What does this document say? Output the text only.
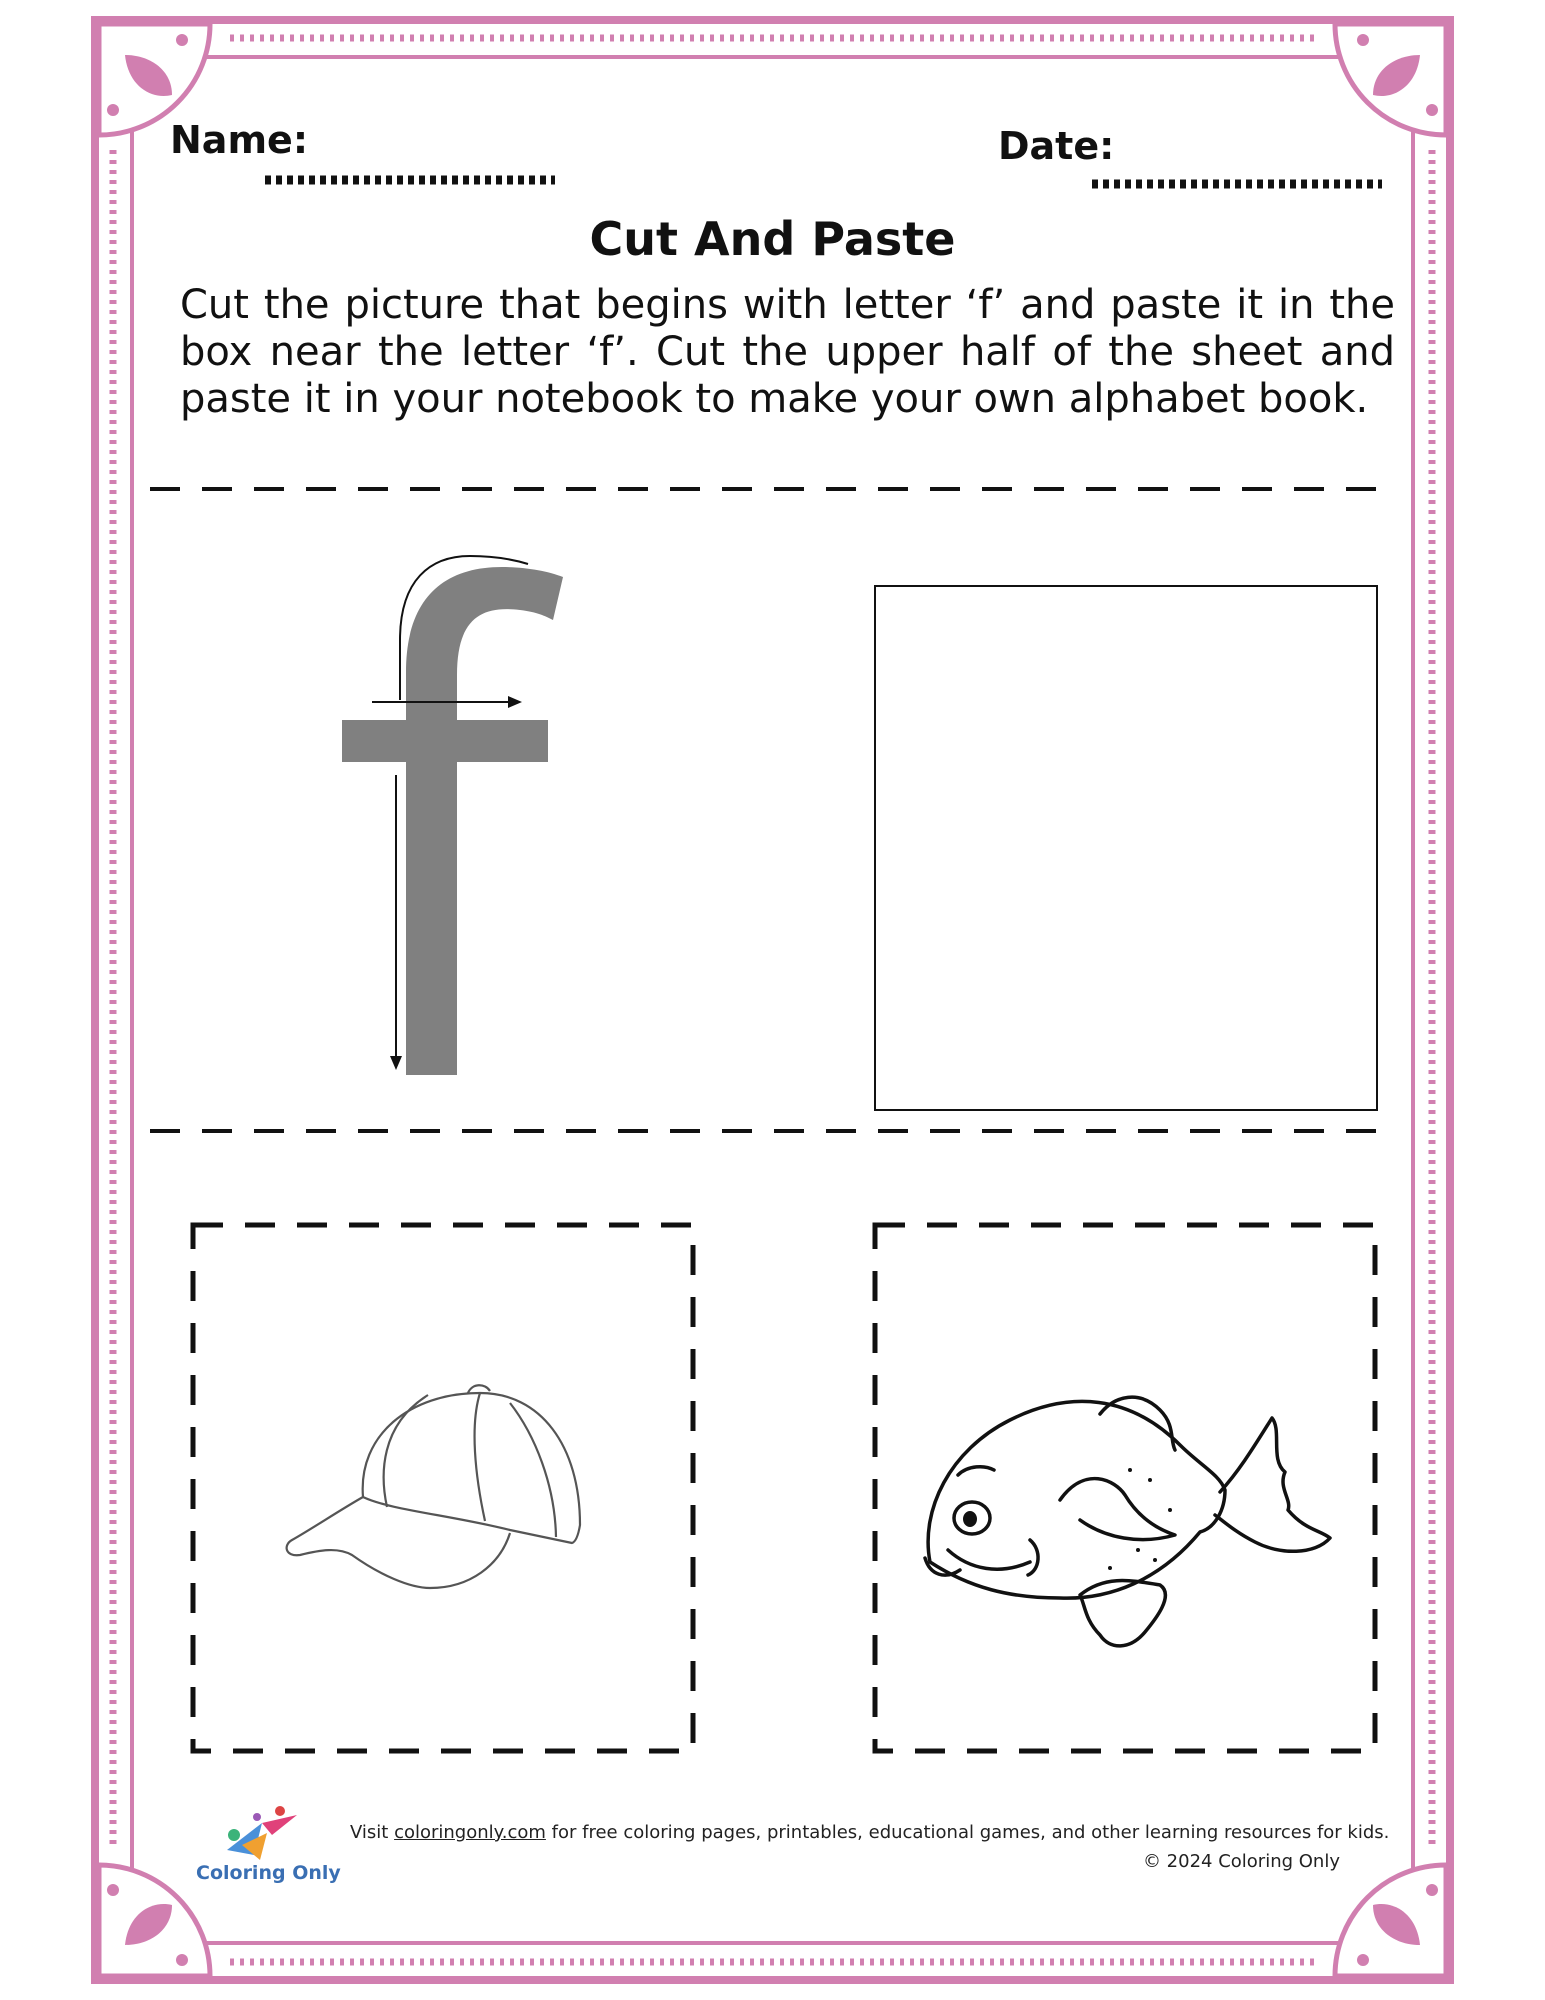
Name:	Date:
Cut And Paste
Cut the picture that begins with letter ‘f’ and paste it in the box near the letter ‘f’. Cut the upper half of the sheet and paste it in your notebook to make your own alphabet book.
Coloring Only
Visit coloringonly.com for free coloring pages, printables, educational games, and other learning resources for kids.
© 2024 Coloring Only
